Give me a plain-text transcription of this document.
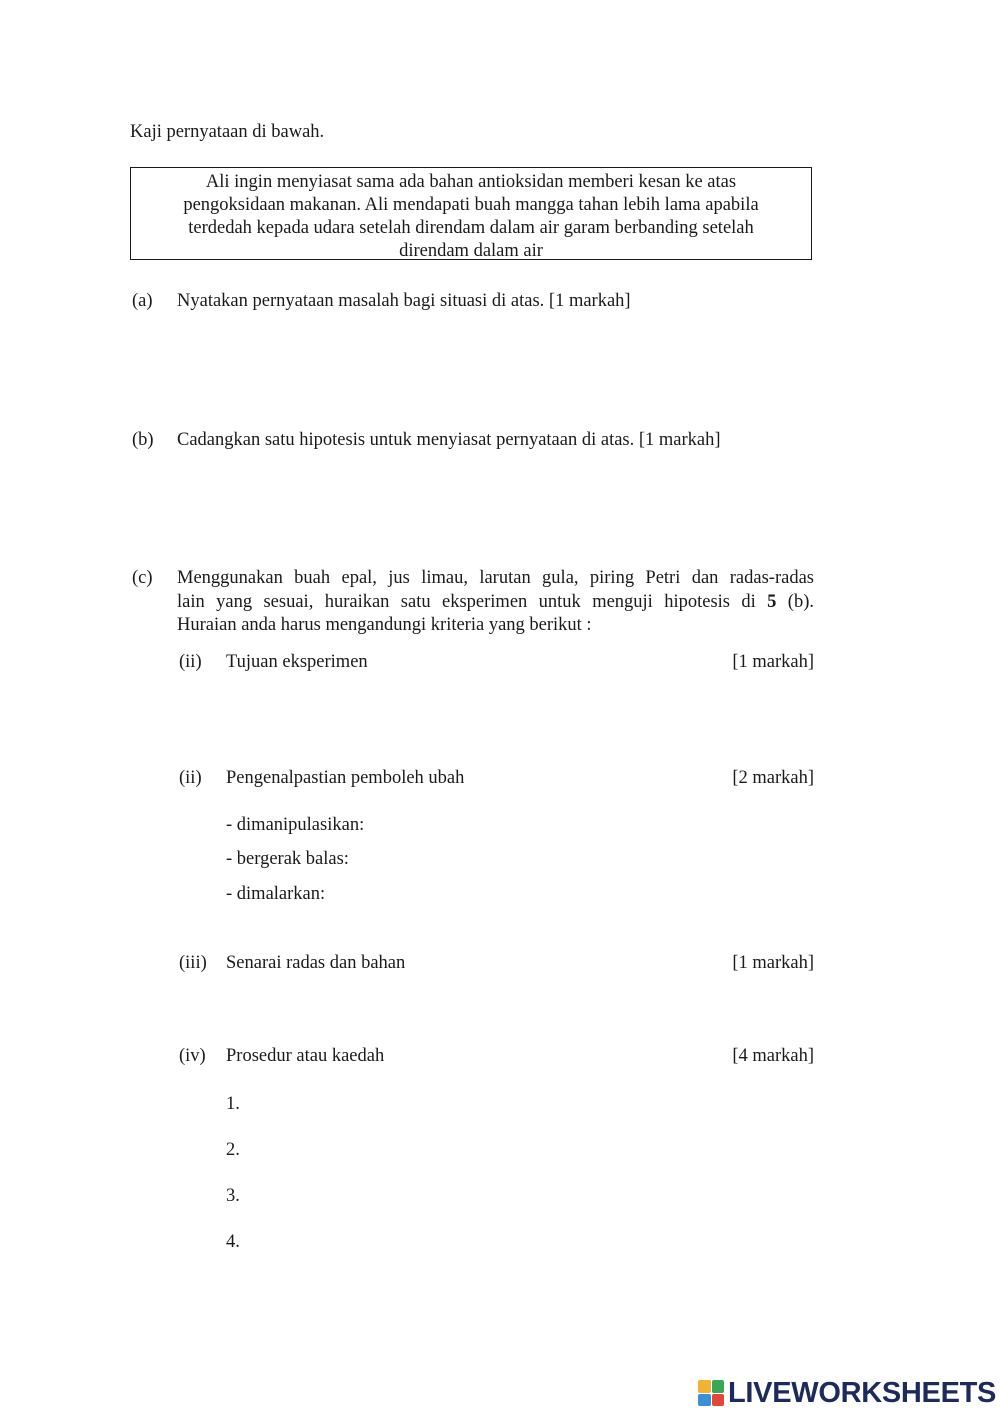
Kaji pernyataan di bawah.
Ali ingin menyiasat sama ada bahan antioksidan memberi kesan ke atas
pengoksidaan makanan. Ali mendapati buah mangga tahan lebih lama apabila
terdedah kepada udara setelah direndam dalam air garam berbanding setelah
direndam dalam air
(a) Nyatakan pernyataan masalah bagi situasi di atas. [1 markah]
(b) Cadangkan satu hipotesis untuk menyiasat pernyataan di atas. [1 markah]
(c) Menggunakan buah epal, jus limau, larutan gula, piring Petri dan radas-radas
lain yang sesuai, huraikan satu eksperimen untuk menguji hipotesis di 5 (b).
Huraian anda harus mengandungi kriteria yang berikut :
(ii) Tujuan eksperimen	[1 markah]
(ii) Pengenalpastian pemboleh ubah	[2 markah]
- dimanipulasikan:
- bergerak balas:
- dimalarkan:
(iii) Senarai radas dan bahan	[1 markah]
(iv) Prosedur atau kaedah	[4 markah]
1.
2.
3.
4.
LIVEWORKSHEETS
